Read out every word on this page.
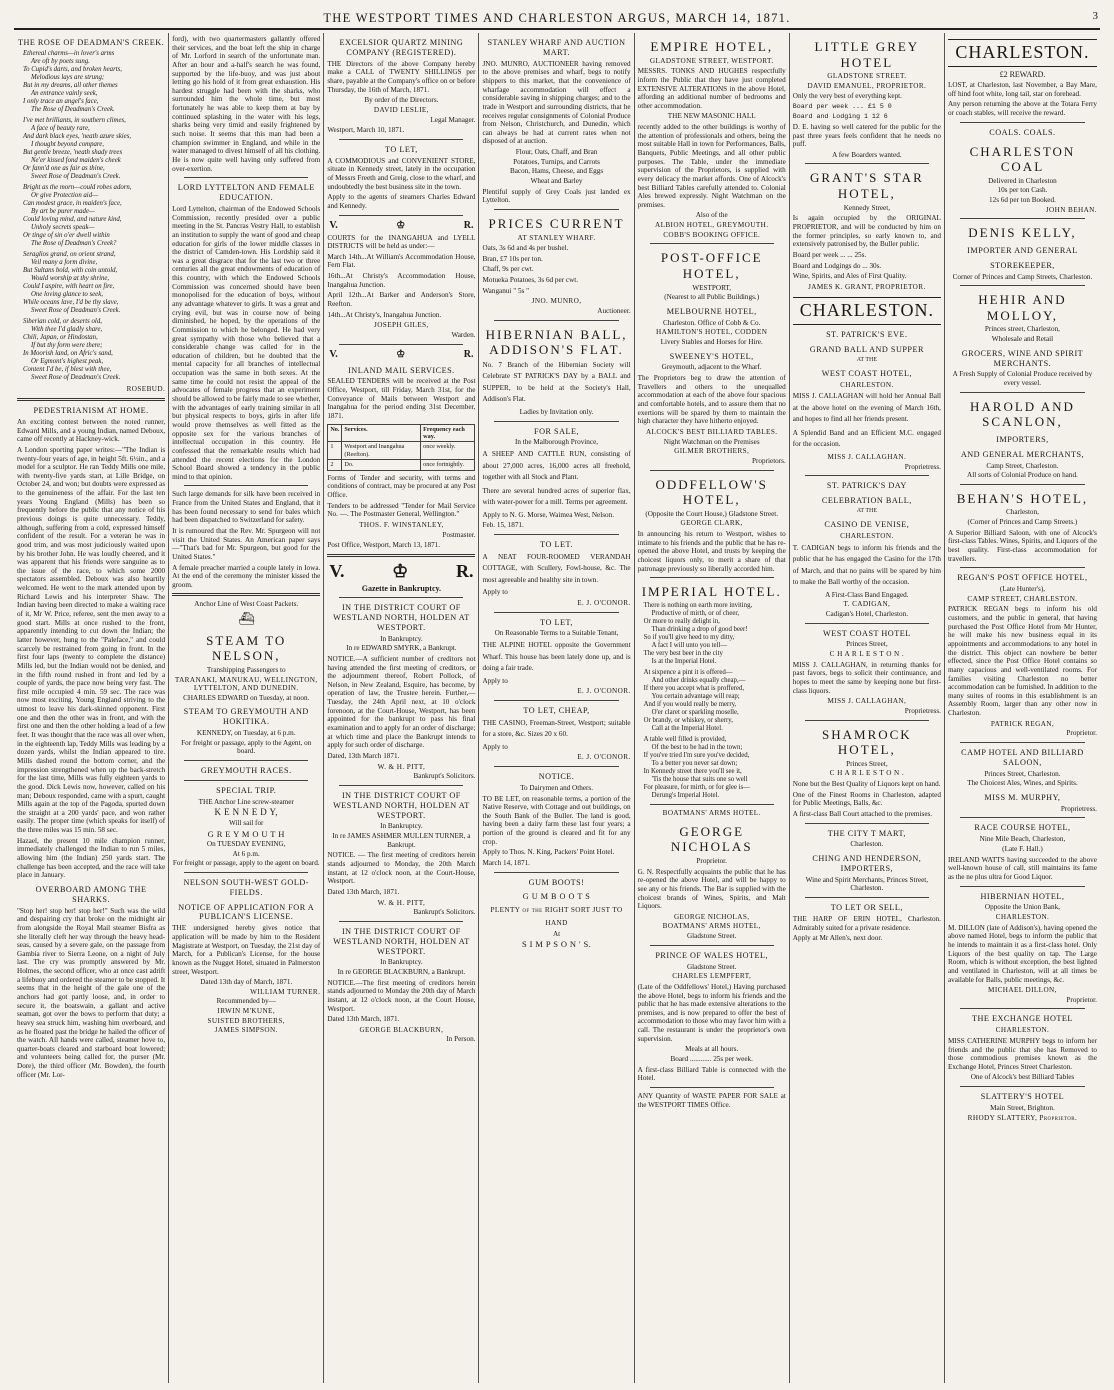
THE WESTPORT TIMES AND CHARLESTON ARGUS, MARCH 14, 1871.	3
THE ROSE OF DEADMAN'S CREEK.
Ethereal charms—in lover's arms
Are oft by poets sung.
To Cupid's darts, and broken hearts,
Melodious lays are strung;
But in my dreams, all other themes
An entrance vainly seek,
I only trace an angel's face,
The Rose of Deadman's Creek.
I've met brilliants, in southern climes,
A face of beauty rare,
And dark black eyes, 'neath azure skies,
I thought beyond compare,
But gentle breeze, 'neath shady trees
Ne'er kissed fond maiden's cheek
Or fann'd one as fair as thine,
Sweet Rose of Deadman's Creek.
Bright as the morn—could robes adorn,
Or give Protection aid—
Can modest grace, in maiden's face,
By art be purer made—
Could loving mind, and nature kind,
Unholy secrets speak—
Or tinge of sin o'er dwell within
The Rose of Deadman's Creek?
Seraglios grand, on orient strand,
Veil many a form divine,
But Sultans bold, with coin untold,
Would worship at thy shrine,
Could I aspire, with heart on fire,
One loving glance to seek,
While oceans lave, I'd be thy slave,
Sweet Rose of Deadman's Creek.
Siberian cold, or deserts old,
With thee I'd gladly share,
Chili, Japan, or Hindostan,
If but thy form were there;
In Moorish land, on Afric's sand,
Or Egmont's highest peak,
Content I'd be, if blest with thee,
Sweet Rose of Deadman's Creek.
ROSEBUD.
PEDESTRIANISM AT HOME.
An exciting contest between the noted runner, Edward Mills, and a young Indian, named Deboux, came off recently at Hackney-wick.
A London sporting paper writes:—"The Indian is twenty-four years of age, in height 5ft. 6½in., and a model for a sculptor. He ran Teddy Mills one mile, with twenty-five yards start, at Lille Bridge, on October 24, and won; but doubts were expressed as to the genuineness of the affair. For the last ten years Young England (Mills) has been so frequently before the public that any notice of his previous doings is quite unnecessary. Teddy, although, suffering from a cold, expressed himself confident of the result. For a veteran he was in good trim, and was most judiciously waited upon by his brother John. He was loudly cheered, and it was apparent that his friends were sanguine as to the issue of the race, to which some 2000 spectators assembled. Deboux was also heartily welcomed. He went to the mark attended upon by Richard Lewis and his interpreter Shaw. The Indian having been directed to make a waiting race of it, Mr W. Price, referee, sent the men away to a good start. Mills at once rushed to the front, apparently intending to cut down the Indian; the latter however, hung to the "Paleface," and could scarcely be restrained from going in front. In the first four laps (twenty to complete the distance) Mills led, but the Indian would not be denied, and in the fifth round rushed in front and led by a couple of yards, the pace now being very fast. The first mile occupied 4 min. 59 sec. The race was now most exciting, Young England striving to the utmost to leave his dark-skinned opponent. First one and then the other was in front, and with the first one and then the other holding a lead of a few feet. It was thought that the race was all over when, in the eighteenth lap, Teddy Mills was leading by a dozen yards, whilst the Indian appeared to tire. Mills dashed round the bottom corner, and the impression strengthened when up the back-stretch for the last time, Mills was fully eighteen yards to the good. Dick Lewis now, however, called on his man; Deboux responded, came with a spurt, caught Mills again at the top of the Pagoda, spurted down the straight at a 200 yards' pace, and won rather easily. The proper time (which speaks for itself) of the three miles was 15 min. 58 sec.
Hazael, the present 10 mile champion runner, immediately challenged the Indian to run 5 miles, allowing him (the Indian) 250 yards start. The challenge has been accepted, and the race will take place in January.
OVERBOARD AMONG THE SHARKS.
"Stop her! stop her! stop her!" Such was the wild and despairing cry that broke on the midnight air from alongside the Royal Mail steamer Bisfra as she literally cleft her way through the heavy head-seas, caused by a severe gale, on the passage from Gambia river to Sierra Leone, on a night of July last. The cry was promptly answered by Mr. Holmes, the second officer, who at once cast adrift a lifebuoy and ordered the steamer to be stopped. It seems that in the height of the gale one of the anchors had got partly loose, and, in order to secure it, the boatswain, a gallant and active seaman, got over the bows to perform that duty; a heavy sea struck him, washing him overboard, and as he floated past the bridge he hailed the officer of the watch. All hands were called, steamer hove to, quarter-boats cleared and starboard boat lowered; and volunteers being called for, the purser (Mr. Dore), the third officer (Mr. Bowden), the fourth officer (Mr. Lor-
ford), with two quartermasters gallantly offered their services, and the boat left the ship in charge of Mr. Lorford in search of the unfortunate man. After an hour and a-half's search he was found, supported by the life-buoy, and was just about letting go his hold of it from great exhaustion. His hardest struggle had been with the sharks, who surrounded him the whole time, but most fortunately he was able to keep them at bay by continued splashing in the water with his legs, sharks being very timid and easily frightened by such noise. It seems that this man had been a champion swimmer in England, and while in the water managed to divest himself of all his clothing. He is now quite well having only suffered from over-exertion.
LORD LYTTELTON AND FEMALE EDUCATION.
Lord Lyttelton, chairman of the Endowed Schools Commission, recently presided over a public meeting in the St. Pancras Vestry Hall, to establish an institution to supply the want of good and cheap education for girls of the lower middle classes in the district of Camden-town. His Lordship said it was a great disgrace that for the last two or three centuries all the great endowments of education of this country, with which the Endowed Schools Commission was concerned should have been monopolised for the education of boys, without any advantage whatever to girls. It was a great and crying evil, but was in course now of being diminished, he hoped, by the operations of the Commission to which he belonged. He had very great sympathy with those who believed that a considerable change was called for in the education of children, but he doubted that the mental capacity for all branches of intellectual occupation was the same in both sexes. At the same time he could not resist the appeal of the advocates of female progress that an experiment should be allowed to be fairly made to see whether, with the advantages of early training similar in all but physical respects to boys, girls in after life would prove themselves as well fitted as the opposite sex for the various branches of intellectual occupation in this country. He confessed that the remarkable results which had attended the recent elections for the London School Board showed a tendency in the public mind to that opinion.
Such large demands for silk have been received in France from the United States and England, that it has been found necessary to send for bales which had been dispatched to Switzerland for safety.
It is rumoured that the Rev. Mr. Spurgeon will not visit the United States. An American paper says—"That's bad for Mr. Spurgeon, but good for the United States."
A female preacher married a couple lately in Iowa. At the end of the ceremony the minister kissed the groom.
Anchor Line of West Coast Packets.
⛴
STEAM TO NELSON,
Transhipping Passengers to
TARANAKI, MANUKAU, WELLINGTON, LYTTELTON, AND DUNEDIN.
CHARLES EDWARD on Tuesday, at noon.
STEAM TO GREYMOUTH AND HOKITIKA.
KENNEDY, on Tuesday, at 6 p.m.
For freight or passage, apply to the Agent, on board.
GREYMOUTH RACES.
SPECIAL TRIP.
THE Anchor Line screw-steamer
K E N N E D Y,
Will sail for
G R E Y M O U T H
On TUESDAY EVENING,
At 6 p.m.
For freight or passage, apply to the agent on board.
NELSON SOUTH-WEST GOLD-FIELDS.
NOTICE OF APPLICATION FOR A PUBLICAN'S LICENSE.
THE undersigned hereby gives notice that application will be made by him to the Resident Magistrate at Westport, on Tuesday, the 21st day of March, for a Publican's License, for the house known as the Nugget Hotel, situated in Palmerston street, Westport.
Dated 13th day of March, 1871.
WILLIAM TURNER.
Recommended by—
IRWIN M'KUNE,
SUISTED BROTHERS,
JAMES SIMPSON.
EXCELSIOR QUARTZ MINING COMPANY (REGISTERED).
THE Directors of the above Company hereby make a CALL of TWENTY SHILLINGS per share, payable at the Company's office on or before Thursday, the 16th of March, 1871.
By order of the Directors.
DAVID LESLIE,
Legal Manager.
Westport, March 10, 1871.
TO LET,
A COMMODIOUS and CONVENIENT STORE, situate in Kennedy street, lately in the occupation of Messrs Freeth and Greig, close to the wharf, and undoubtedly the best business site in the town.
Apply to the agents of steamers Charles Edward and Kennedy.
V.	♔	R.
COURTS for the INANGAHUA and LYELL DISTRICTS will be held as under:—
March 14th...At William's Accommodation House, Fern Flat.
16th...At Christy's Accommodation House, Inangahua Junction.
April 12th...At Barker and Anderson's Store, Reefton.
14th...At Christy's, Inangahua Junction.
JOSEPH GILES,
Warden.
V.	♔	R.
INLAND MAIL SERVICES.
SEALED TENDERS will be received at the Post Office, Westport, till Friday, March 31st, for the Conveyance of Mails between Westport and Inangahua for the period ending 31st December, 1871.
No.	Services.	Frequency each way.
1	Westport and Inangahua (Reefton).	once weekly.
2	Do.	once fortnightly.
Forms of Tender and security, with terms and conditions of contract, may be procured at any Post Office.
Tenders to be addressed "Tender for Mail Service No. —. The Postmaster General, Wellington."
THOS. F. WINSTANLEY,
Postmaster.
Post Office, Westport, March 13, 1871.
V.	♔	R.
Gazette in Bankruptcy.
IN THE DISTRICT COURT OF WESTLAND NORTH, HOLDEN AT WESTPORT.
In Bankruptcy.
In re EDWARD SMYRK, a Bankrupt.
NOTICE.—A sufficient number of creditors not having attended the first meeting of creditors, or the adjournment thereof, Robert Pollock, of Nelson, in New Zealand, Esquire, has become, by operation of law, the Trustee herein. Further,—Tuesday, the 24th April next, at 10 o'clock forenoon, at the Court-House, Westport, has been appointed for the bankrupt to pass his final examination and to apply for an order of discharge; at which time and place the Bankrupt intends to apply for such order of discharge.
Dated, 13th March 1871.
W. & H. PITT,
Bankrupt's Solicitors.
IN THE DISTRICT COURT OF WESTLAND NORTH, HOLDEN AT WESTPORT.
In Bankruptcy.
In re JAMES ASHMER MULLEN TURNER, a Bankrupt.
NOTICE. — The first meeting of creditors herein stands adjourned to Monday, the 20th March instant, at 12 o'clock noon, at the Court-House, Westport.
Dated 13th March, 1871.
W. & H. PITT,
Bankrupt's Solicitors.
IN THE DISTRICT COURT OF WESTLAND NORTH, HOLDEN AT WESTPORT.
In Bankruptcy.
In re GEORGE BLACKBURN, a Bankrupt.
NOTICE.—The first meeting of creditors herein stands adjourned to Monday the 20th day of March instant, at 12 o'clock noon, at the Court House, Westport.
Dated 13th March, 1871.
GEORGE BLACKBURN,
In Person.
STANLEY WHARF AND AUCTION MART.
JNO. MUNRO, AUCTIONEER having removed to the above premises and wharf, begs to notify shippers to this market, that the convenience of wharfage accommodation will effect a considerable saving in shipping charges; and to the trade in Westport and surrounding districts, that he receives regular consignments of Colonial Produce from Nelson, Christchurch, and Dunedin, which can always be had at current rates when not disposed of at auction.
Flour, Oats, Chaff, and Bran
Potatoes, Turnips, and Carrots
Bacon, Hams, Cheese, and Eggs
Wheat and Barley
Plentiful supply of Grey Coals just landed ex Lyttelton.
PRICES CURRENT
AT STANLEY WHARF.
Oats, 3s 6d and 4s per bushel.
Bran, £7 10s per ton.
Chaff, 9s per cwt.
Motueka Potatoes, 3s 6d per cwt.
Wanganui " 5s "
JNO. MUNRO,
Auctioneer.
HIBERNIAN BALL, ADDISON'S FLAT.
No. 7 Branch of the Hibernian Society will Celebrate ST PATRICK'S DAY by a BALL and SUPPER, to be held at the Society's Hall, Addison's Flat.
Ladies by Invitation only.
FOR SALE,
In the Malborough Province,
A SHEEP AND CATTLE RUN, consisting of about 27,000 acres, 16,000 acres all freehold, together with all Stock and Plant.
There are several hundred acres of superior flax, with water-power for a mill. Terms per agreement.
Apply to N. G. Morse, Waimea West, Nelson.
Feb. 15, 1871.
TO LET.
A NEAT FOUR-ROOMED VERANDAH COTTAGE, with Scullery, Fowl-house, &c. The most agreeable and healthy site in town.
Apply to
E. J. O'CONOR.
TO LET,
On Reasonable Terms to a Suitable Tenant,
THE ALPINE HOTEL opposite the Government Wharf. This house has been lately done up, and is doing a fair trade.
Apply to
E. J. O'CONOR.
TO LET, CHEAP,
THE CASINO, Freeman-Street, Westport; suitable for a store, &c. Sizes 20 x 60.
Apply to
E. J. O'CONOR.
NOTICE.
To Dairymen and Others.
TO BE LET, on reasonable terms, a portion of the Native Reserve, with Cottage and out buildings, on the South Bank of the Buller. The land is good, having been a dairy farm these last four years; a portion of the ground is cleared and fit for any crop.
Apply to Thos. N. King, Packers' Point Hotel.
March 14, 1871.
GUM BOOTS!
G U M B O O T S
PLENTY of the RIGHT SORT JUST TO HAND
At
S I M P S O N ' S.
EMPIRE HOTEL,
GLADSTONE STREET, WESTPORT.
MESSRS. TONKS AND HUGHES respectfully inform the Public that they have just completed EXTENSIVE ALTERATIONS in the above Hotel, affording an additional number of bedrooms and other accommodation.
THE NEW MASONIC HALL
recently added to the other buildings is worthy of the attention of professionals and others, being the most suitable Hall in town for Performances, Balls, Banquets, Public Meetings, and all other public purposes. The Table, under the immediate supervision of the Proprietors, is supplied with every delicacy the market affords. One of Alcock's best Billiard Tables carefully attended to. Colonial Ales brewed expressly. Night Watchman on the premises.
Also of the
ALBION HOTEL, GREYMOUTH.
COBB'S BOOKING OFFICE.
POST-OFFICE HOTEL,
WESTPORT,
(Nearest to all Public Buildings.)
MELBOURNE HOTEL,
Charleston. Office of Cobb & Co.
HAMILTON'S HOTEL, CODDEN
Livery Stables and Horses for Hire.
SWEENEY'S HOTEL,
Greymouth, adjacent to the Wharf.
The Proprietors beg to draw the attention of Travellers and others to the unequalled accommodation at each of the above four spacious and comfortable hotels, and to assure them that no exertions will be spared by them to maintain the high character they have hitherto enjoyed.
ALCOCK'S BEST BILLIARD TABLES.
Night Watchman on the Premises
GILMER BROTHERS,
Proprietors.
ODDFELLOW'S HOTEL,
(Opposite the Court House,) Gladstone Street.
GEORGE CLARK,
In announcing his return to Westport, wishes to intimate to his friends and the public that he has re-opened the above Hotel, and trusts by keeping the choicest liquors only, to merit a share of that patronage previously so liberally accorded him.
IMPERIAL HOTEL.
There is nothing on earth more inviting,
Productive of mirth, or of cheer,
Or more to really delight in,
Than drinking a drop of good beer!
So if you'll give heed to my ditty,
A fact I will unto you tell—
The very best beer in the city
Is at the Imperial Hotel.
At sixpence a pint it is offered—
And other drinks equally cheap,—
If there you accept what is proffered,
You certain advantage will reap;
And if you would really be merry,
O'er claret or sparkling moselle,
Or brandy, or whiskey, or sherry,
Call at the Imperial Hotel.
A table well filled is provided,
Of the best to be had in the town;
If you've tried I'm sure you've decided,
To a better you never sat down;
In Kennedy street there you'll see it,
'Tis the house that suits one so well
For pleasure, for mirth, or for glee is—
Derung's Imperial Hotel.
BOATMANS' ARMS HOTEL.
GEORGE NICHOLAS
Proprietor.
G. N. Respectfully acquaints the public that he has re-opened the above Hotel, and will be happy to see any or his friends. The Bar is supplied with the choicest brands of Wines, Spirits, and Malt Liquors.
GEORGE NICHOLAS,
BOATMANS' ARMS HOTEL,
Gladstone Street.
PRINCE OF WALES HOTEL,
Gladstone Street.
CHARLES LEMPFERT,
(Late of the Oddfellows' Hotel,) Having purchased the above Hotel, begs to inform his friends and the public that he has made extensive alterations to the premises, and is now prepared to offer the best of accommodation to those who may favor him with a call. The restaurant is under the proprietor's own supervision.
Meals at all hours.
Board ............ 25s per week.
A first-class Billiard Table is connected with the Hotel.
ANY Quantity of WASTE PAPER FOR SALE at the WESTPORT TIMES Office.
LITTLE GREY HOTEL
GLADSTONE STREET.
DAVID EMANUEL, PROPRIETOR.
Only the very best of everything kept.
Board per week ... £1 5 0
Board and Lodging 1 12 6
D. E. having so well catered for the public for the past three years feels confident that he needs no puff.
A few Boarders wanted.
GRANT'S STAR HOTEL,
Kennedy Street,
Is again occupied by the ORIGINAL PROPRIETOR, and will be conducted by him on the former principles, so early known to, and extensively patronised by, the Buller public.
Board per week ... ... 25s.
Board and Lodgings do ... 30s.
Wine, Spirits, and Ales of First Quality.
JAMES K. GRANT, PROPRIETOR.
CHARLESTON.
ST. PATRICK'S EVE.
GRAND BALL AND SUPPER
AT THE
WEST COAST HOTEL,
CHARLESTON.
MISS J. CALLAGHAN will hold her Annual Ball at the above hotel on the evening of March 16th, and hopes to find all her friends present.
A Splendid Band and an Efficient M.C. engaged for the occasion.
MISS J. CALLAGHAN.
Proprietress.
ST. PATRICK'S DAY
CELEBRATION BALL,
AT THE
CASINO DE VENISE,
CHARLESTON.
T. CADIGAN begs to inform his friends and the public that he has engaged the Casino for the 17th of March, and that no pains will be spared by him to make the Ball worthy of the occasion.
A First-Class Band Engaged.
T. CADIGAN,
Cadigan's Hotel, Charleston.
WEST COAST HOTEL
Princes Street,
C H A R L E S T O N .
MISS J. CALLAGHAN, in returning thanks for past favors, begs to solicit their continuance, and hopes to meet the same by keeping none but first-class liquors.
MISS J. CALLAGHAN,
Proprietress.
SHAMROCK HOTEL,
Princes Street,
C H A R L E S T O N .
None but the Best Quality of Liquors kept on hand.
One of the Finest Rooms in Charleston, adapted for Public Meetings, Balls, &c.
A first-class Ball Court attached to the premises.
THE CITY T MART,
Charleston.
CHING AND HENDERSON, IMPORTERS,
Wine and Spirit Merchants, Princes Street, Charleston.
TO LET OR SELL,
THE HARP OF ERIN HOTEL, Charleston. Admirably suited for a private residence.
Apply at Mr Allen's, next door.
CHARLESTON.
£2 REWARD.
LOST, at Charleston, last November, a Bay Mare, off hind foot white, long tail, star on forehead.
Any person returning the above at the Totara Ferry or coach stables, will receive the reward.
COALS. COALS.
CHARLESTON COAL
Delivered in Charleston
10s per ton Cash.
12s 6d per ton Booked.
JOHN BEHAN.
DENIS KELLY,
IMPORTER AND GENERAL
STOREKEEPER,
Corner of Princes and Camp Streets, Charleston.
HEHIR AND MOLLOY,
Princes street, Charleston,
Wholesale and Retail
GROCERS, WINE AND SPIRIT MERCHANTS.
A Fresh Supply of Colonial Produce received by every vessel.
HAROLD AND SCANLON,
IMPORTERS,
AND GENERAL MERCHANTS,
Camp Street, Charleston.
All sorts of Colonial Produce on hand.
BEHAN'S HOTEL,
Charleston,
(Corner of Princes and Camp Streets.)
A Superior Billiard Saloon, with one of Alcock's first-class Tables. Wines, Spirits, and Liquors of the best quality. First-class accommodation for travellers.
REGAN'S POST OFFICE HOTEL,
(Late Hunter's),
CAMP STREET, CHARLESTON.
PATRICK REGAN begs to inform his old customers, and the public in general, that having purchased the Post Office Hotel from Mr Hunter, he will make his new business equal in its appointments and accommodations to any hotel in the district. This object can nowhere be better effected, since the Post Office Hotel contains so many capacious and well-ventilated rooms. For families visiting Charleston no better accommodation can be furnished. In addition to the many suites of rooms in this establishment is an Assembly Room, larger than any other now in Charleston.
PATRICK REGAN,
Proprietor.
CAMP HOTEL AND BILLIARD SALOON,
Princes Street, Charleston.
The Choicest Ales, Wines, and Spirits.
MISS M. MURPHY,
Proprietress.
RACE COURSE HOTEL,
Nine Mile Beach, Charleston,
(Late F. Hall.)
IRELAND WATTS having succeeded to the above well-known house of call, still maintains its fame as the ne plus ultra for Good Liquor.
HIBERNIAN HOTEL,
Opposite the Union Bank,
CHARLESTON.
M. DILLON (late of Addison's), having opened the above named Hotel, begs to inform the public that he intends to maintain it as a first-class hotel. Only Liquors of the best quality on tap. The Large Room, which is without exception, the best lighted and ventilated in Charleston, will at all times be available for Balls, public meetings, &c.
MICHAEL DILLON,
Proprietor.
THE EXCHANGE HOTEL
CHARLESTON.
MISS CATHERINE MURPHY begs to inform her friends and the public that she has Removed to those commodious premises known as the Exchange Hotel, Princes Street Charleston.
One of Alcock's best Billiard Tables
SLATTERY'S HOTEL
Main Street, Brighton.
RHODY SLATTERY, Proprietor.
